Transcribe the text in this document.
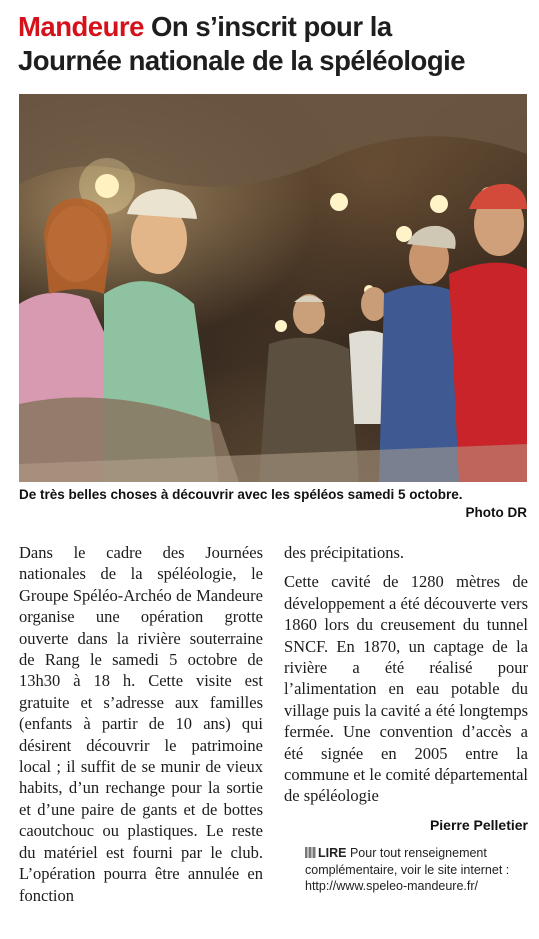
Mandeure On s’inscrit pour la
Journée nationale de la spéléologie
De très belles choses à découvrir avec les spéléos samedi 5 octobre.
Photo DR

Dans le cadre des Journées nationales de la spéléologie, le Groupe Spéléo-Archéo de Mandeure organise une opération grotte ouverte dans la rivière souterraine de Rang le samedi 5 octobre de 13h30 à 18 h. Cette visite est gratuite et s’adresse aux familles (enfants à partir de 10 ans) qui désirent découvrir le patrimoine local ; il suffit de se munir de vieux habits, d’un rechange pour la sortie et d’une paire de gants et de bottes caoutchouc ou plastiques. Le reste du matériel est fourni par le club. L’opération pourra être annulée en fonction

des précipitations.

Cette cavité de 1280 mètres de développement a été découverte vers 1860 lors du creusement du tunnel SNCF. En 1870, un captage de la rivière a été réalisé pour l’alimentation en eau potable du village puis la cavité a été longtemps fermée. Une convention d’accès a été signée en 2005 entre la commune et le comité départemental de spéléologie

Pierre Pelletier
LIRE Pour tout renseignement complémentaire, voir le site internet : http://www.speleo-mandeure.fr/
